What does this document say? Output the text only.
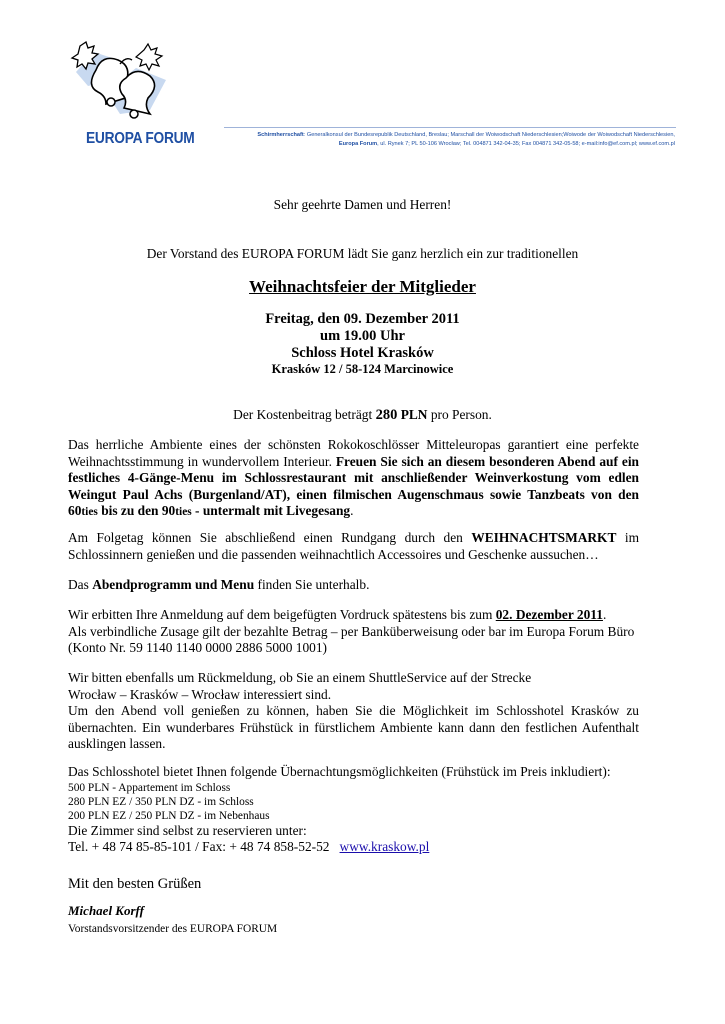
EUROPA FORUM	Schirmherrschaft: Generalkonsul der Bundesrepublik Deutschland, Breslau; Marschall der Woiwodschaft Niederschlesien;Woiwode der Woiwodschaft Niederschlesien,
Europa Forum, ul. Rynek 7; PL 50-106 Wrocław; Tel. 004871 342-04-35; Fax 004871 342-05-58; e-mail:info@ef.com.pl; www.ef.com.pl
Sehr geehrte Damen und Herren!
Der Vorstand des EUROPA FORUM lädt Sie ganz herzlich ein zur traditionellen
Weihnachtsfeier der Mitglieder
Freitag, den 09. Dezember 2011
um 19.00 Uhr
Schloss Hotel Krasków
Krasków 12 / 58-124 Marcinowice
Der Kostenbeitrag beträgt 280 PLN pro Person.
Das herrliche Ambiente eines der schönsten Rokokoschlösser Mitteleuropas garantiert eine perfekte Weihnachtsstimmung in wundervollem Interieur. Freuen Sie sich an diesem besonderen Abend auf ein festliches 4-Gänge-Menu im Schlossrestaurant mit anschließender Weinverkostung vom edlen Weingut Paul Achs (Burgenland/AT), einen filmischen Augenschmaus sowie Tanzbeats von den 60ties bis zu den 90ties - untermalt mit Livegesang.
Am Folgetag können Sie abschließend einen Rundgang durch den WEIHNACHTSMARKT im Schlossinnern genießen und die passenden weihnachtlich Accessoires und Geschenke aussuchen…
Das Abendprogramm und Menu finden Sie unterhalb.
Wir erbitten Ihre Anmeldung auf dem beigefügten Vordruck spätestens bis zum 02. Dezember 2011.
Als verbindliche Zusage gilt der bezahlte Betrag – per Banküberweisung oder bar im Europa Forum Büro
(Konto Nr. 59 1140 1140 0000 2886 5000 1001)
Wir bitten ebenfalls um Rückmeldung, ob Sie an einem ShuttleService auf der Strecke
Wrocław – Krasków – Wrocław interessiert sind.
Um den Abend voll genießen zu können, haben Sie die Möglichkeit im Schlosshotel Krasków zu übernachten. Ein wunderbares Frühstück in fürstlichem Ambiente kann dann den festlichen Aufenthalt ausklingen lassen.
Das Schlosshotel bietet Ihnen folgende Übernachtungsmöglichkeiten (Frühstück im Preis inkludiert):
500 PLN - Appartement im Schloss
280 PLN EZ / 350 PLN DZ - im Schloss
200 PLN EZ / 250 PLN DZ - im Nebenhaus
Die Zimmer sind selbst zu reservieren unter:
Tel. + 48 74 85-85-101 / Fax: + 48 74 858-52-52 www.kraskow.pl
Mit den besten Grüßen
Michael Korff
Vorstandsvorsitzender des EUROPA FORUM
